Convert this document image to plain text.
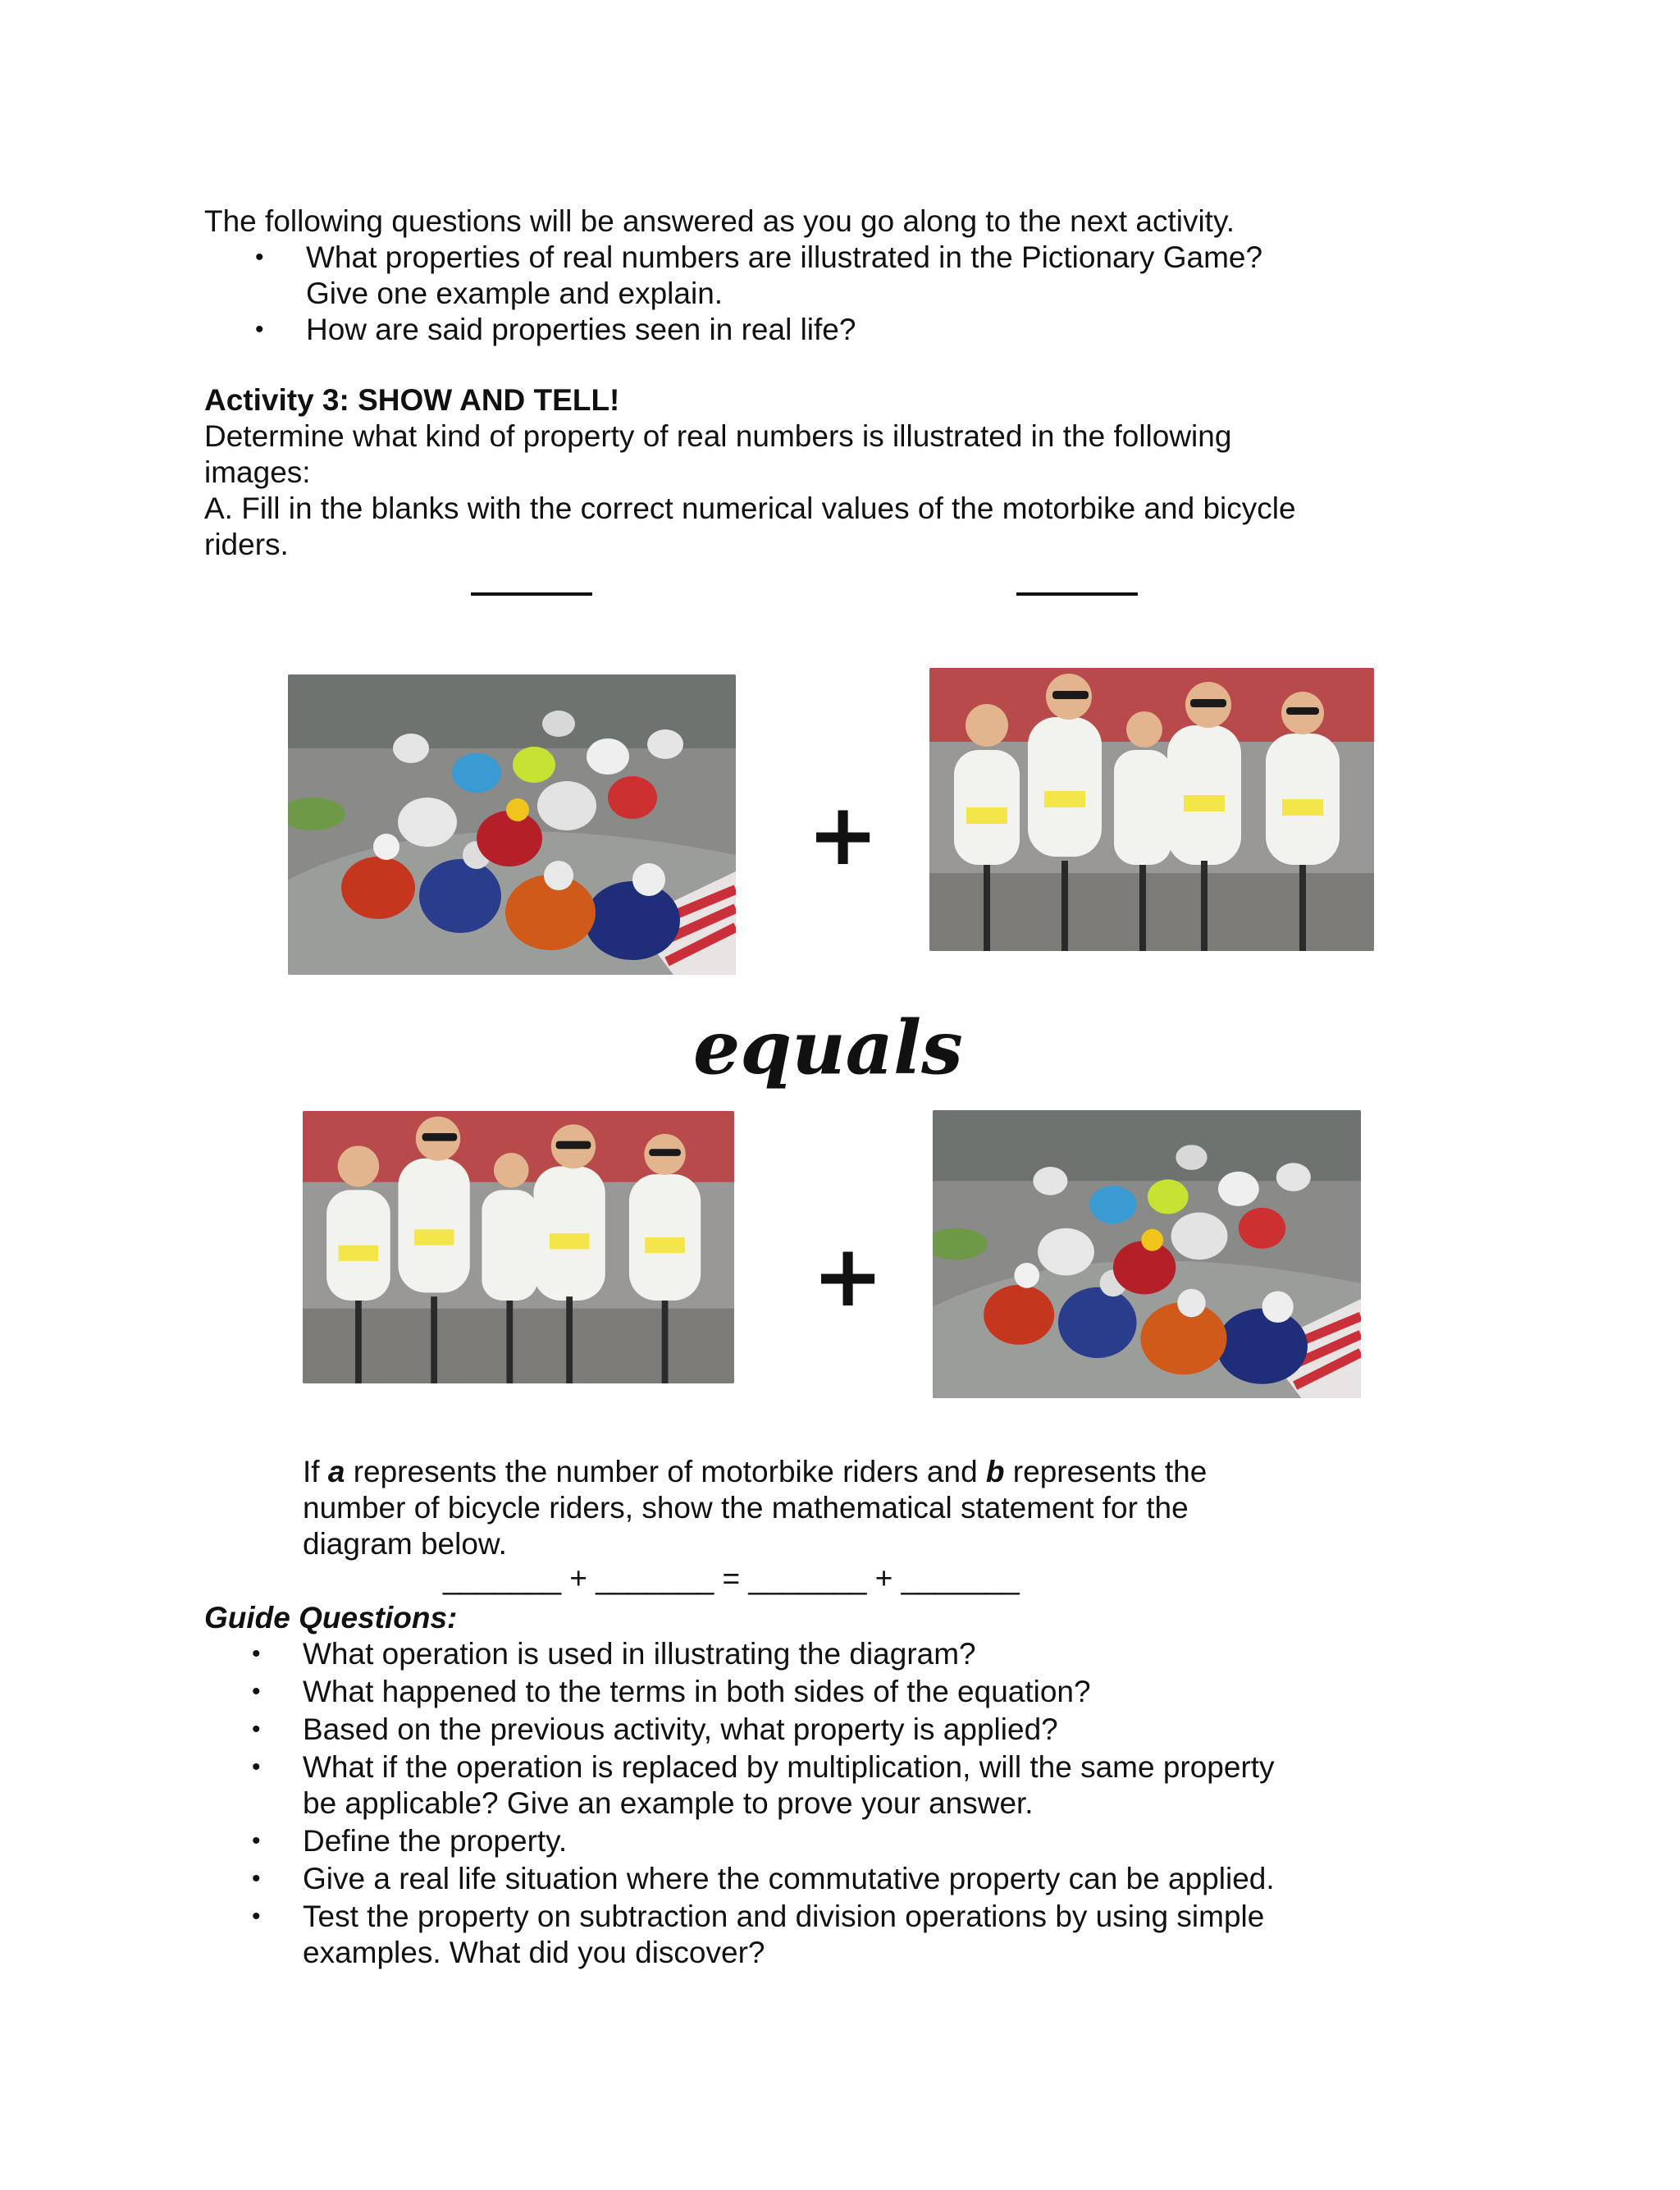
The following questions will be answered as you go along to the next activity.
• What properties of real numbers are illustrated in the Pictionary Game?
Give one example and explain.
• How are said properties seen in real life?
Activity 3: SHOW AND TELL!
Determine what kind of property of real numbers is illustrated in the following
images:
A. Fill in the blanks with the correct numerical values of the motorbike and bicycle
riders.
+
equals
+
If a represents the number of motorbike riders and b represents the
number of bicycle riders, show the mathematical statement for the
diagram below.
_______ + _______ = _______ + _______
Guide Questions:
• What operation is used in illustrating the diagram?
• What happened to the terms in both sides of the equation?
• Based on the previous activity, what property is applied?
• What if the operation is replaced by multiplication, will the same property
be applicable? Give an example to prove your answer.
• Define the property.
• Give a real life situation where the commutative property can be applied.
• Test the property on subtraction and division operations by using simple
examples. What did you discover?
